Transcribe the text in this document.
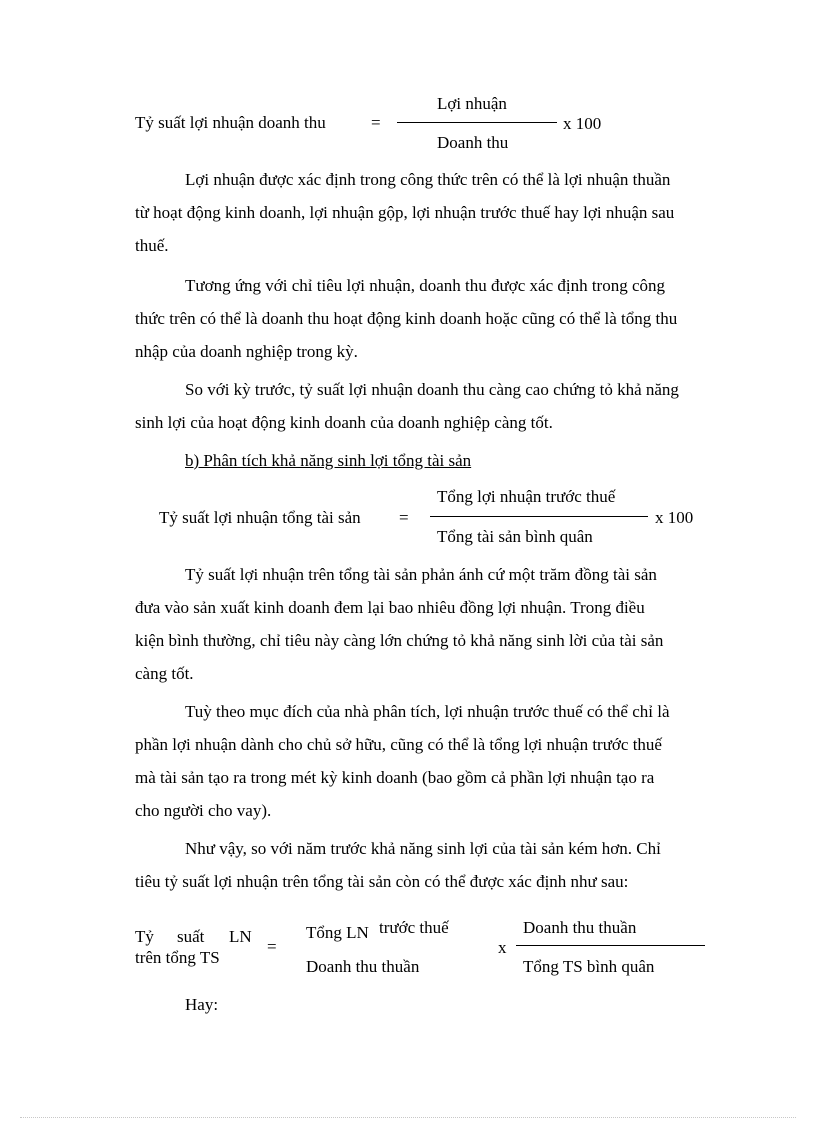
Tỷ suất lợi nhuận doanh thu	=
Lợi nhuận
Doanh thu
x 100
Lợi nhuận được xác định trong công thức trên có thể là lợi nhuận thuần
từ hoạt động kinh doanh, lợi nhuận gộp, lợi nhuận trước thuế hay lợi nhuận sau
thuế.
Tương ứng với chỉ tiêu lợi nhuận, doanh thu được xác định trong công
thức trên có thể là doanh thu hoạt động kinh doanh hoặc cũng có thể là tổng thu
nhập của doanh nghiệp trong kỳ.
So với kỳ trước, tỷ suất lợi nhuận doanh thu càng cao chứng tỏ khả năng
sinh lợi của hoạt động kinh doanh của doanh nghiệp càng tốt.
b) Phân tích khả năng sinh lợi tổng tài sản
Tỷ suất lợi nhuận tổng tài sản =
Tổng lợi nhuận trước thuế
Tổng tài sản bình quân
x 100
Tỷ suất lợi nhuận trên tổng tài sản phản ánh cứ một trăm đồng tài sản
đưa vào sản xuất kinh doanh đem lại bao nhiêu đồng lợi nhuận. Trong điều
kiện bình thường, chỉ tiêu này càng lớn chứng tỏ khả năng sinh lời của tài sản
càng tốt.
Tuỳ theo mục đích của nhà phân tích, lợi nhuận trước thuế có thể chỉ là
phần lợi nhuận dành cho chủ sở hữu, cũng có thể là tổng lợi nhuận trước thuế
mà tài sản tạo ra trong mét kỳ kinh doanh (bao gồm cả phần lợi nhuận tạo ra
cho người cho vay).
Như vậy, so với năm trước khả năng sinh lợi của tài sản kém hơn. Chỉ
tiêu tỷ suất lợi nhuận trên tổng tài sản còn có thể được xác định như sau:
Tỷ suất LN
trên tổng TS
=
Tổng LN trước thuế
Doanh thu thuần
x
Doanh thu thuần
Tổng TS bình quân
Hay:
